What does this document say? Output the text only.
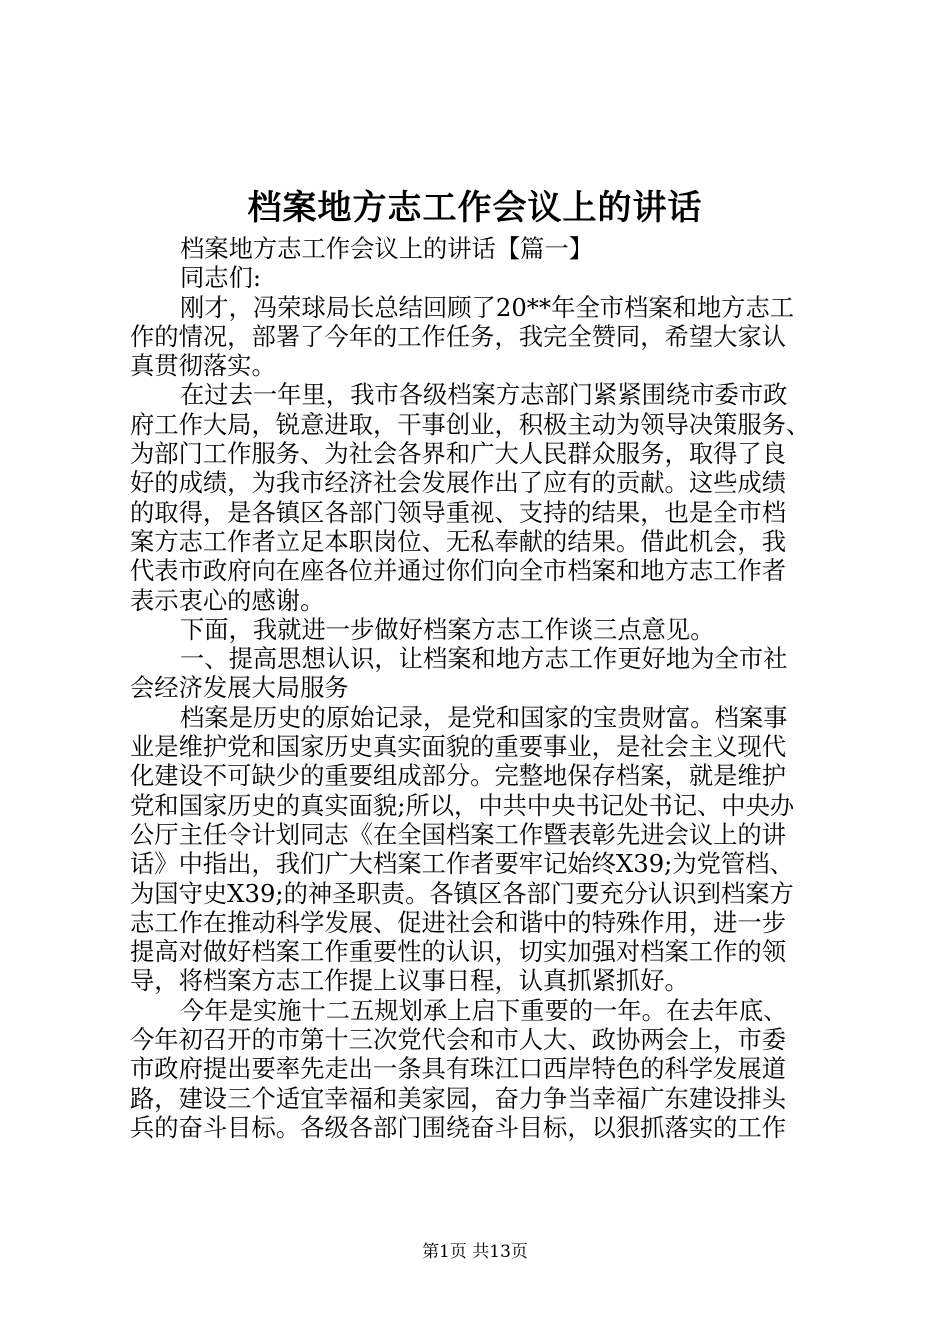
档案地方志工作会议上的讲话
档案地方志工作会议上的讲话【篇一】
同志们:
刚才，冯荣球局长总结回顾了20**年全市档案和地方志工
作的情况，部署了今年的工作任务，我完全赞同，希望大家认
真贯彻落实。
在过去一年里，我市各级档案方志部门紧紧围绕市委市政
府工作大局，锐意进取，干事创业，积极主动为领导决策服务、
为部门工作服务、为社会各界和广大人民群众服务，取得了良
好的成绩，为我市经济社会发展作出了应有的贡献。这些成绩
的取得，是各镇区各部门领导重视、支持的结果，也是全市档
案方志工作者立足本职岗位、无私奉献的结果。借此机会，我
代表市政府向在座各位并通过你们向全市档案和地方志工作者
表示衷心的感谢。
下面，我就进一步做好档案方志工作谈三点意见。
一、提高思想认识，让档案和地方志工作更好地为全市社
会经济发展大局服务
档案是历史的原始记录，是党和国家的宝贵财富。档案事
业是维护党和国家历史真实面貌的重要事业，是社会主义现代
化建设不可缺少的重要组成部分。完整地保存档案，就是维护
党和国家历史的真实面貌;所以，中共中央书记处书记、中央办
公厅主任令计划同志《在全国档案工作暨表彰先进会议上的讲
话》中指出，我们广大档案工作者要牢记始终X39;为党管档、
为国守史X39;的神圣职责。各镇区各部门要充分认识到档案方
志工作在推动科学发展、促进社会和谐中的特殊作用，进一步
提高对做好档案工作重要性的认识，切实加强对档案工作的领
导，将档案方志工作提上议事日程，认真抓紧抓好。
今年是实施十二五规划承上启下重要的一年。在去年底、
今年初召开的市第十三次党代会和市人大、政协两会上，市委
市政府提出要率先走出一条具有珠江口西岸特色的科学发展道
路，建设三个适宜幸福和美家园，奋力争当幸福广东建设排头
兵的奋斗目标。各级各部门围绕奋斗目标，以狠抓落实的工作
第1页 共13页
